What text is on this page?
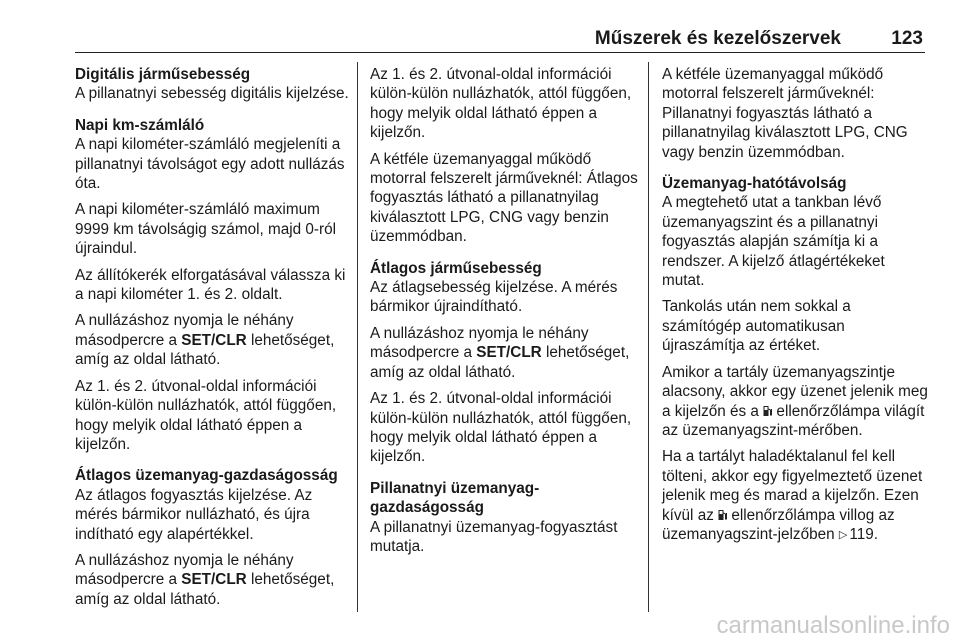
Műszerek és kezelőszervek	123
Digitális járműsebesség

A pillanatnyi sebesség digitális kijelzése.

Napi km-számláló

A napi kilométer-számláló megjeleníti a pillanatnyi távolságot egy adott nullázás óta.

A napi kilométer-számláló maximum 9999 km távolságig számol, majd 0-ról újraindul.

Az állítókerék elforgatásával válassza ki a napi kilométer 1. és 2. oldalt.

A nullázáshoz nyomja le néhány másodpercre a SET/CLR lehetőséget, amíg az oldal látható.

Az 1. és 2. útvonal-oldal információi külön-külön nullázhatók, attól függően, hogy melyik oldal látható éppen a kijelzőn.

Átlagos üzemanyag-gazdaságosság

Az átlagos fogyasztás kijelzése. Az mérés bármikor nullázható, és újra indítható egy alapértékkel.

A nullázáshoz nyomja le néhány másodpercre a SET/CLR lehetőséget, amíg az oldal látható.

Az 1. és 2. útvonal-oldal információi külön-külön nullázhatók, attól függően, hogy melyik oldal látható éppen a kijelzőn.

A kétféle üzemanyaggal működő motorral felszerelt járműveknél: Átlagos fogyasztás látható a pillanatnyilag kiválasztott LPG, CNG vagy benzin üzemmódban.

Átlagos járműsebesség

Az átlagsebesség kijelzése. A mérés bármikor újraindítható.

A nullázáshoz nyomja le néhány másodpercre a SET/CLR lehetőséget, amíg az oldal látható.

Az 1. és 2. útvonal-oldal információi külön-külön nullázhatók, attól függően, hogy melyik oldal látható éppen a kijelzőn.

Pillanatnyi üzemanyag-gazdaságosság

A pillanatnyi üzemanyag-fogyasztást mutatja.

A kétféle üzemanyaggal működő motorral felszerelt járműveknél: Pillanatnyi fogyasztás látható a pillanatnyilag kiválasztott LPG, CNG vagy benzin üzemmódban.

Üzemanyag-hatótávolság

A megtehető utat a tankban lévő üzemanyagszint és a pillanatnyi fogyasztás alapján számítja ki a rendszer. A kijelző átlagértékeket mutat.

Tankolás után nem sokkal a számítógép automatikusan újraszámítja az értéket.

Amikor a tartály üzemanyagszintje alacsony, akkor egy üzenet jelenik meg a kijelzőn és a  ellenőrzőlámpa világít az üzemanyagszint-mérőben.

Ha a tartályt haladéktalanul fel kell tölteni, akkor egy figyelmeztető üzenet jelenik meg és marad a kijelzőn. Ezen kívül az  ellenőrzőlámpa villog az üzemanyagszint-jelzőben ▷ 119.

carmanualsonline.info
